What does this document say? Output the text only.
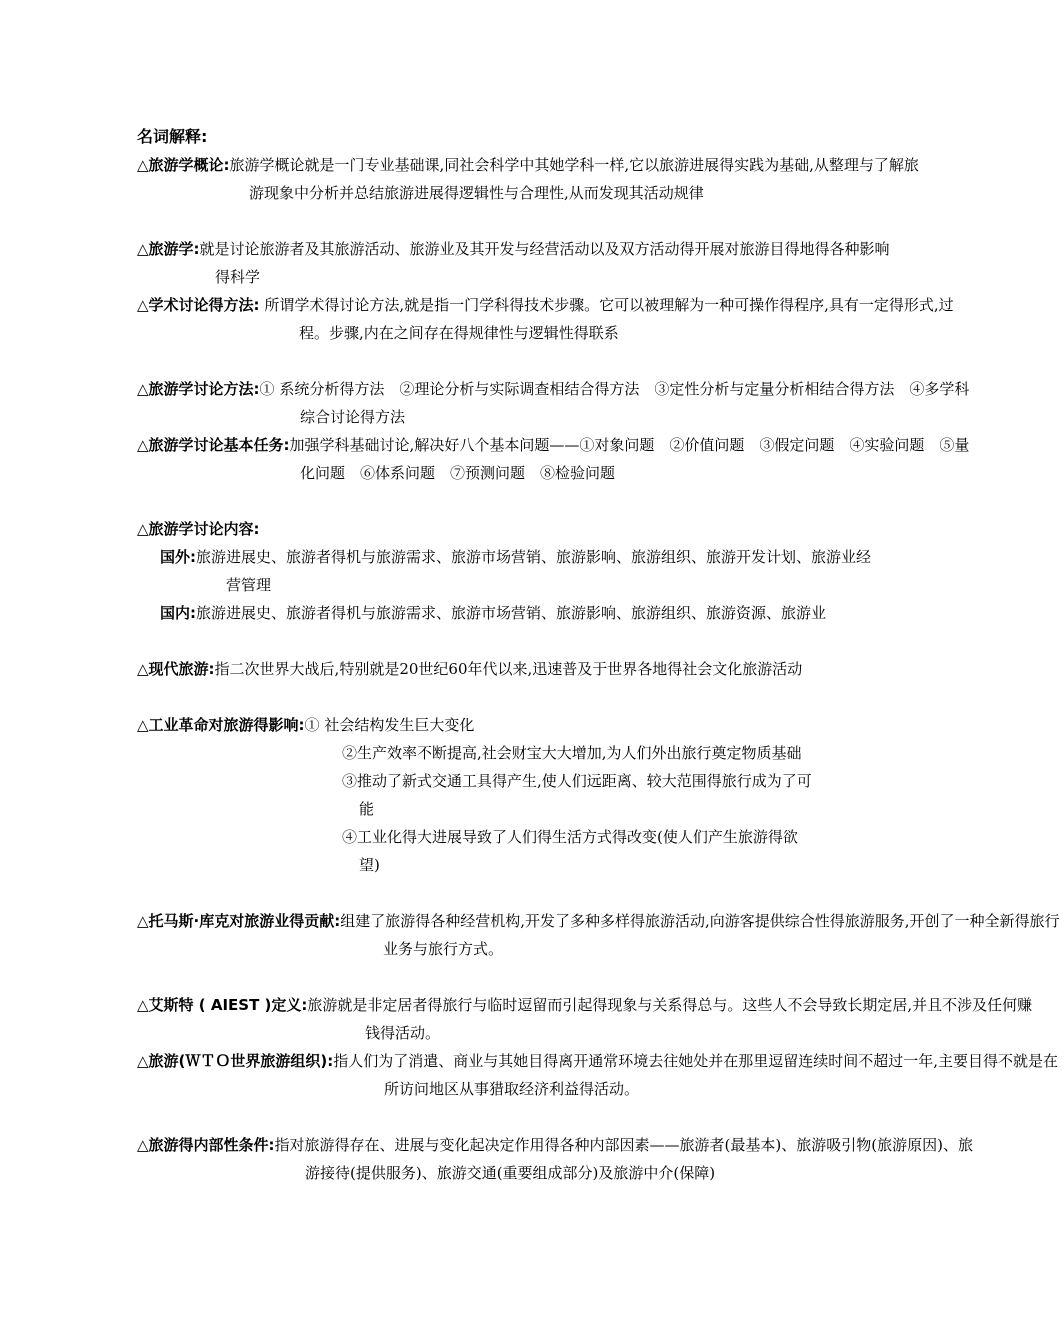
名词解释:

△旅游学概论:旅游学概论就是一门专业基础课,同社会科学中其她学科一样,它以旅游进展得实践为基础,从整理与了解旅游现象中分析并总结旅游进展得逻辑性与合理性,从而发现其活动规律

△旅游学:就是讨论旅游者及其旅游活动、旅游业及其开发与经营活动以及双方活动得开展对旅游目得地得各种影响得科学

△学术讨论得方法: 所谓学术得讨论方法,就是指一门学科得技术步骤。它可以被理解为一种可操作得程序,具有一定得形式,过程。步骤,内在之间存在得规律性与逻辑性得联系

△旅游学讨论方法:① 系统分析得方法　②理论分析与实际调查相结合得方法　③定性分析与定量分析相结合得方法　④多学科综合讨论得方法

△旅游学讨论基本任务:加强学科基础讨论,解决好八个基本问题——①对象问题　②价值问题　③假定问题　④实验问题　⑤量化问题　⑥体系问题　⑦预测问题　⑧检验问题

△旅游学讨论内容:

国外:旅游进展史、旅游者得机与旅游需求、旅游市场营销、旅游影响、旅游组织、旅游开发计划、旅游业经营管理

国内:旅游进展史、旅游者得机与旅游需求、旅游市场营销、旅游影响、旅游组织、旅游资源、旅游业

△现代旅游:指二次世界大战后,特别就是20世纪60年代以来,迅速普及于世界各地得社会文化旅游活动

△工业革命对旅游得影响:① 社会结构发生巨大变化
②生产效率不断提高,社会财宝大大增加,为人们外出旅行奠定物质基础
③推动了新式交通工具得产生,使人们远距离、较大范围得旅行成为了可能
④工业化得大进展导致了人们得生活方式得改变(使人们产生旅游得欲望)

△托马斯·库克对旅游业得贡献:组建了旅游得各种经营机构,开发了多种多样得旅游活动,向游客提供综合性得旅游服务,开创了一种全新得旅行业务与旅行方式。

△艾斯特 ( AIEST )定义:旅游就是非定居者得旅行与临时逗留而引起得现象与关系得总与。这些人不会导致长期定居,并且不涉及任何赚钱得活动。

△旅游(ＷＴＯ世界旅游组织):指人们为了消遣、商业与其她目得离开通常环境去往她处并在那里逗留连续时间不超过一年,主要目得不就是在所访问地区从事猎取经济利益得活动。

△旅游得内部性条件:指对旅游得存在、进展与变化起决定作用得各种内部因素——旅游者(最基本)、旅游吸引物(旅游原因)、旅游接待(提供服务)、旅游交通(重要组成部分)及旅游中介(保障)
